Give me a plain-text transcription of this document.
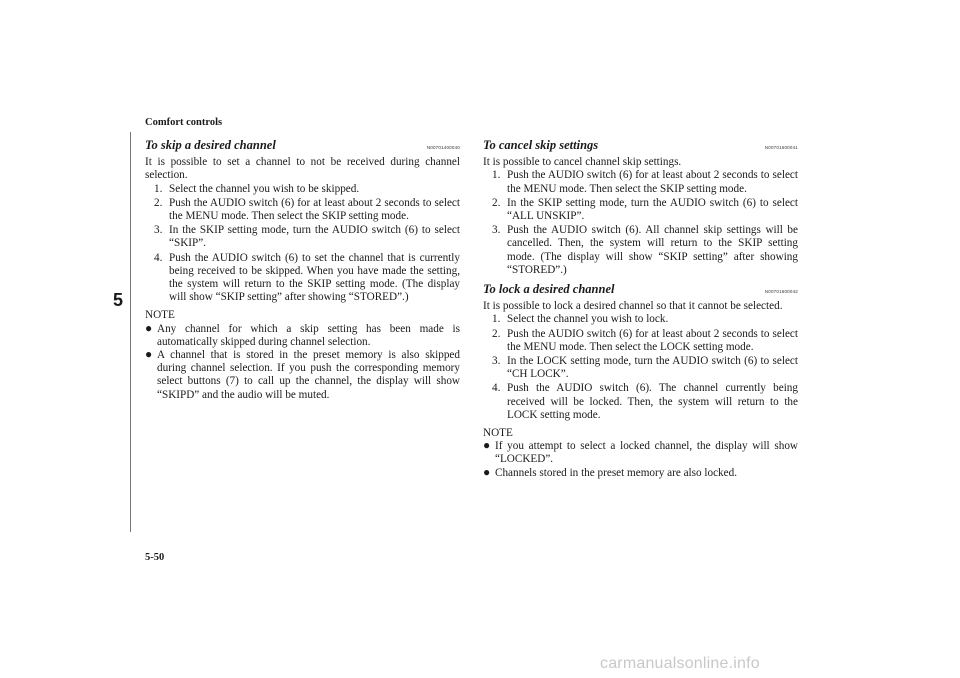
Comfort controls
5
To skip a desired channel	N00701400040

It is possible to set a channel to not be received during channel selection.

1. Select the channel you wish to be skipped.
2. Push the AUDIO switch (6) for at least about 2 seconds to select the MENU mode. Then select the SKIP setting mode.
3. In the SKIP setting mode, turn the AUDIO switch (6) to select “SKIP”.
4. Push the AUDIO switch (6) to set the channel that is currently being received to be skipped. When you have made the setting, the system will return to the SKIP setting mode. (The display will show “SKIP setting” after showing “STORED”.)
NOTE
● Any channel for which a skip setting has been made is automatically skipped during channel selection.
● A channel that is stored in the preset memory is also skipped during channel selection. If you push the corresponding memory select buttons (7) to call up the channel, the display will show “SKIPD” and the audio will be muted.
To cancel skip settings	N00701500041

It is possible to cancel channel skip settings.

1. Push the AUDIO switch (6) for at least about 2 seconds to select the MENU mode. Then select the SKIP setting mode.
2. In the SKIP setting mode, turn the AUDIO switch (6) to select “ALL UNSKIP”.
3. Push the AUDIO switch (6). All channel skip settings will be cancelled. Then, the system will return to the SKIP setting mode. (The display will show “SKIP setting” after showing “STORED”.)
To lock a desired channel	N00701600042

It is possible to lock a desired channel so that it cannot be selected.

1. Select the channel you wish to lock.
2. Push the AUDIO switch (6) for at least about 2 seconds to select the MENU mode. Then select the LOCK setting mode.
3. In the LOCK setting mode, turn the AUDIO switch (6) to select “CH LOCK”.
4. Push the AUDIO switch (6). The channel currently being received will be locked. Then, the system will return to the LOCK setting mode.
NOTE
● If you attempt to select a locked channel, the display will show “LOCKED”.
● Channels stored in the preset memory are also locked.
5-50
carmanualsonline.info
